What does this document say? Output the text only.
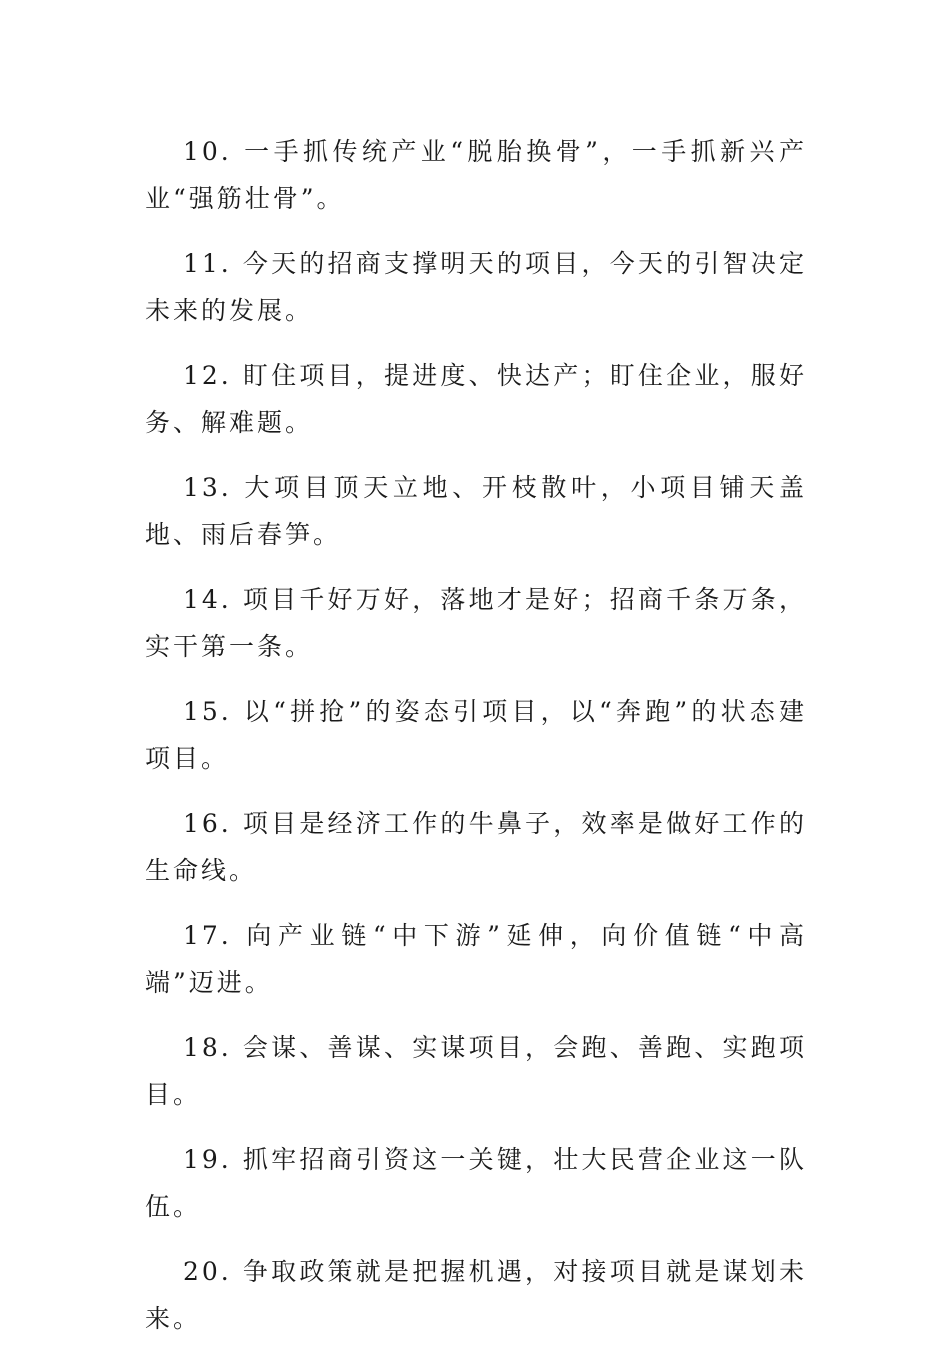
10. 一手抓传统产业“脱胎换骨”，一手抓新兴产业“强筋壮骨”。

11. 今天的招商支撑明天的项目，今天的引智决定未来的发展。

12. 盯住项目，提进度、快达产；盯住企业，服好务、解难题。

13. 大项目顶天立地、开枝散叶，小项目铺天盖地、雨后春笋。

14. 项目千好万好，落地才是好；招商千条万条，实干第一条。

15. 以“拼抢”的姿态引项目，以“奔跑”的状态建项目。

16. 项目是经济工作的牛鼻子，效率是做好工作的生命线。

17. 向产业链“中下游”延伸，向价值链“中高端”迈进。

18. 会谋、善谋、实谋项目，会跑、善跑、实跑项目。

19. 抓牢招商引资这一关键，壮大民营企业这一队伍。

20. 争取政策就是把握机遇，对接项目就是谋划未来。
